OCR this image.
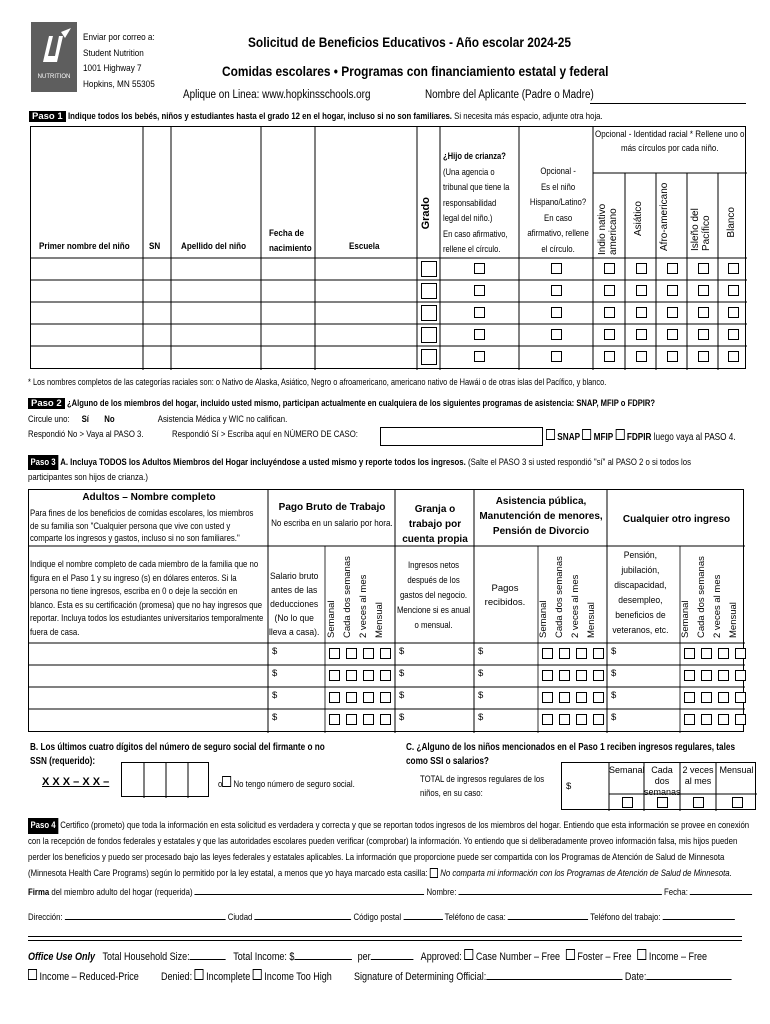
NUTRITION
Enviar por correo a:
Student Nutrition
1001 Highway 7
Hopkins, MN 55305
Solicitud de Beneficios Educativos - Año escolar 2024-25
Comidas escolares • Programas con financiamiento estatal y federal
Aplique on Linea: www.hopkinsschools.org	Nombre del Aplicante (Padre o Madre)
Paso 1 Indique todos los bebés, niños y estudiantes hasta el grado 12 en el hogar, incluso si no son familiares. Si necesita más espacio, adjunte otra hoja.
Primer nombre del niño SN Apellido del niño
Fecha de nacimiento	Escuela
Grado
¿Hijo de crianza?
(Una agencia o
tribunal que tiene la
responsabilidad
legal del niño.)
En caso afirmativo,
rellene el círculo.
Opcional -
Es el niño
Hispano/Latino?
En caso
afirmativo, rellene
el círculo.
Opcional - Identidad racial * Rellene uno o más círculos por cada niño.
Indio nativo americano Asiático Afro-americano	Isleño del Pacífico Blanco
* Los nombres completos de las categorías raciales son: o Nativo de Alaska, Asiático, Negro o afroamericano, americano nativo de Hawái o de otras islas del Pacífico, y blanco.
Paso 2 ¿Alguno de los miembros del hogar, incluido usted mismo, participan actualmente en cualquiera de los siguientes programas de asistencia: SNAP, MFIP o FDPIR?
Circule uno: Sí No	Asistencia Médica y WIC no califican.
Respondió No > Vaya al PASO 3.	Respondió Sí > Escriba aquí en NÚMERO DE CASO:	SNAP MFIP FDPIR luego vaya al PASO 4.
Paso 3 A. Incluya TODOS los Adultos Miembros del Hogar incluyéndose a usted mismo y reporte todos los ingresos. (Salte el PASO 3 si usted respondió "sí" al PASO 2 o si todos los participantes son hijos de crianza.)
Adultos – Nombre completo
Para fines de los beneficios de comidas escolares, los miembros de su familia son "Cualquier persona que vive con usted y comparte los ingresos y gastos, incluso si no son familiares."
Indique el nombre completo de cada miembro de la familia que no figura en el Paso 1 y su ingreso (s) en dólares enteros. Si la persona no tiene ingresos, escriba en 0 o deje la sección en blanco. Esta es su certificación (promesa) que no hay ingresos que reportar. Incluya todos los estudiantes universitarios temporalmente fuera de casa.
Pago Bruto de Trabajo
No escriba en un salario por hora.
Salario bruto antes de las deducciones (No lo que lleva a casa).
Granja o trabajo por cuenta propia
Ingresos netos después de los gastos del negocio. Mencione si es anual o mensual.
Asistencia pública, Manutención de menores, Pensión de Divorcio
Pagos recibidos.
Cualquier otro ingreso
Pensión, jubilación, discapacidad, desempleo, beneficios de veteranos, etc.
Semanal Cada dos semanas 2 veces al mes Mensual	Semanal Cada dos semanas 2 veces al mes Mensual	Semanal Cada dos semanas 2 veces al mes Mensual
$	$	$	$
$	$	$	$
$	$	$	$
$	$	$	$
B. Los últimos cuatro dígitos del número de seguro social del firmante o no SSN (requerido):
X X X – X X –	o No tengo número de seguro social.
C. ¿Alguno de los niños mencionados en el Paso 1 reciben ingresos regulares, tales como SSI o salarios?
TOTAL de ingresos regulares de los niños, en su caso:
$
Semanal Cada dos semanas
2 veces al mes
Mensual
Paso 4 Certifico (prometo) que toda la información en esta solicitud es verdadera y correcta y que se reportan todos ingresos de los miembros del hogar. Entiendo que esta información se provee en conexión con la recepción de fondos federales y estatales y que las autoridades escolares pueden verificar (comprobar) la información. Yo entiendo que si deliberadamente proveo información falsa, mis hijos pueden perder los beneficios y puedo ser procesado bajo las leyes federales y estatales aplicables. La información que proporcione puede ser compartida con los Programas de Atención de Salud de Minnesota (Minnesota Health Care Programs) según lo permitido por la ley estatal, a menos que yo haya marcado esta casilla: No comparta mi información con los Programas de Atención de Salud de Minnesota.
Firma del miembro adulto del hogar (requerida)	Nombre:	Fecha:
Dirección:	Ciudad	Código postal	Teléfono de casa:	Teléfono del trabajo:
Office Use Only Total Household Size:	Total Income: $	per	Approved: Case Number – Free Foster – Free Income – Free
Income – Reduced-Price Denied: Incomplete Income Too High Signature of Determining Official:	Date:
